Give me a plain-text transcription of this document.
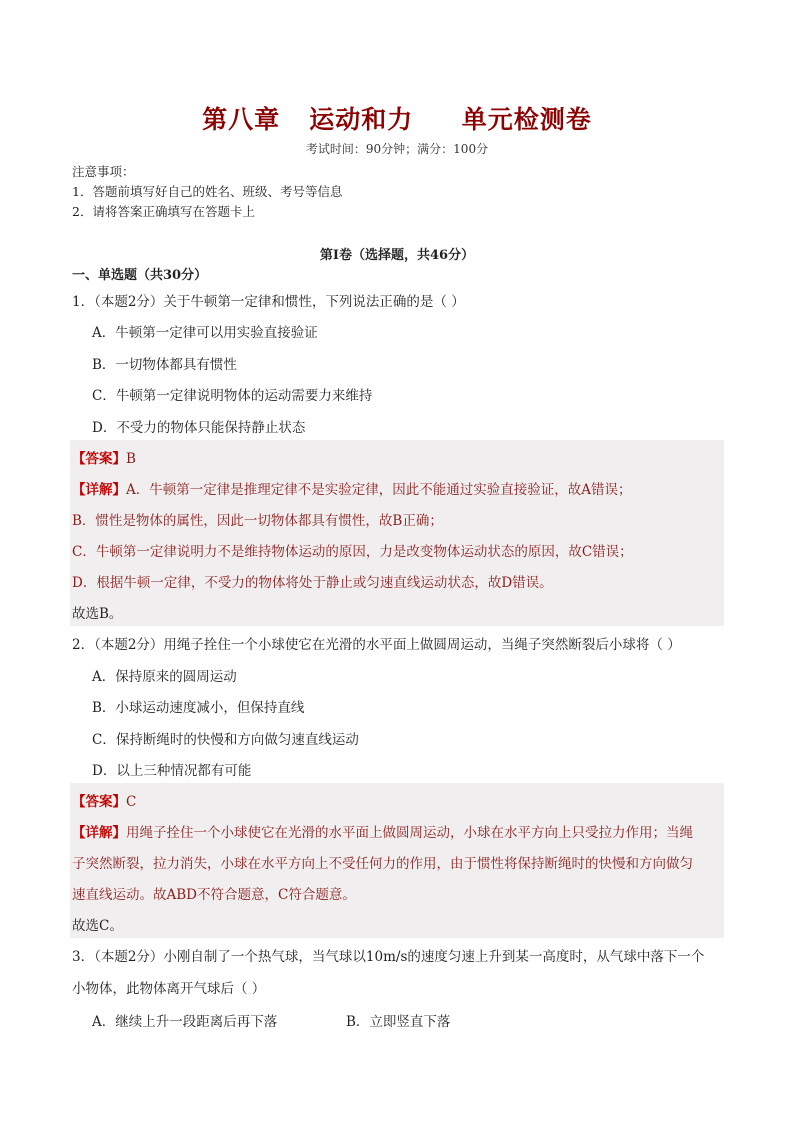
第八章   运动和力     单元检测卷
考试时间：90分钟；满分：100分
注意事项：
1．答题前填写好自己的姓名、班级、考号等信息
2．请将答案正确填写在答题卡上
第Ⅰ卷（选择题，共46分）
一、单选题（共30分）
1．（本题2分）关于牛顿第一定律和惯性，下列说法正确的是（ ）
A．牛顿第一定律可以用实验直接验证
B．一切物体都具有惯性
C．牛顿第一定律说明物体的运动需要力来维持
D．不受力的物体只能保持静止状态
【答案】B
【详解】A．牛顿第一定律是推理定律不是实验定律，因此不能通过实验直接验证，故A错误；
B．惯性是物体的属性，因此一切物体都具有惯性，故B正确；
C．牛顿第一定律说明力不是维持物体运动的原因，力是改变物体运动状态的原因，故C错误；
D．根据牛顿一定律，不受力的物体将处于静止或匀速直线运动状态，故D错误。
故选B。
2．（本题2分）用绳子拴住一个小球使它在光滑的水平面上做圆周运动，当绳子突然断裂后小球将（ ）
A．保持原来的圆周运动
B．小球运动速度减小，但保持直线
C．保持断绳时的快慢和方向做匀速直线运动
D．以上三种情况都有可能
【答案】C
【详解】用绳子拴住一个小球使它在光滑的水平面上做圆周运动，小球在水平方向上只受拉力作用；当绳
子突然断裂，拉力消失，小球在水平方向上不受任何力的作用，由于惯性将保持断绳时的快慢和方向做匀
速直线运动。故ABD不符合题意，C符合题意。
故选C。
3．（本题2分）小刚自制了一个热气球，当气球以10m/s的速度匀速上升到某一高度时，从气球中落下一个
小物体，此物体离开气球后（ ）
A．继续上升一段距离后再下落	B．立即竖直下落
